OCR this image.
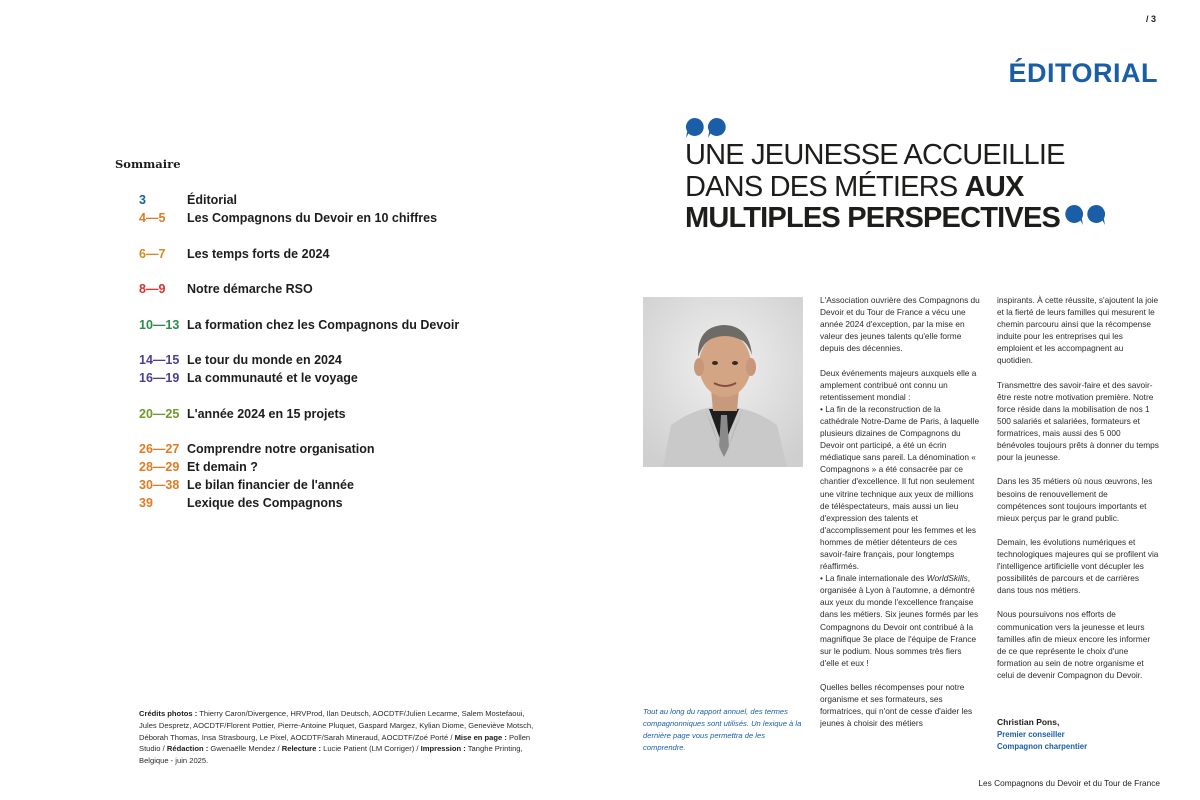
/ 3
ÉDITORIAL
Sommaire
3	Éditorial
4—5	Les Compagnons du Devoir en 10 chiffres
6—7	Les temps forts de 2024
8—9	Notre démarche RSO
10—13 La formation chez les Compagnons du Devoir
14—15 Le tour du monde en 2024
16—19 La communauté et le voyage
20—25 L'année 2024 en 15 projets
26—27 Comprendre notre organisation
28—29 Et demain ?
30—38 Le bilan financier de l'année
39	Lexique des Compagnons
Crédits photos : Thierry Caron/Divergence, HRVProd, Ilan Deutsch, AOCDTF/Julien Lecarme, Salem Mostefaoui, Jules Despretz, AOCDTF/Florent Pottier, Pierre-Antoine Pluquet, Gaspard Margez, Kylian Diome, Geneviève Motsch, Déborah Thomas, Insa Strasbourg, Le Pixel, AOCDTF/Sarah Mineraud, AOCDTF/Zoé Porté / Mise en page : Pollen Studio / Rédaction : Gwenaëlle Mendez / Relecture : Lucie Patient (LM Corriger) / Impression : Tanghe Printing, Belgique - juin 2025.
UNE JEUNESSE ACCUEILLIE
DANS DES MÉTIERS AUX
MULTIPLES PERSPECTIVES
Tout au long du rapport annuel, des termes compagnonniques sont utilisés. Un lexique à la dernière page vous permettra de les comprendre.

L'Association ouvrière des Compagnons du Devoir et du Tour de France a vécu une année 2024 d'exception, par la mise en valeur des jeunes talents qu'elle forme depuis des décennies.

Deux événements majeurs auxquels elle a amplement contribué ont connu un retentissement mondial :
• La fin de la reconstruction de la cathédrale Notre-Dame de Paris, à laquelle plusieurs dizaines de Compagnons du Devoir ont participé, a été un écrin médiatique sans pareil. La dénomination « Compagnons » a été consacrée par ce chantier d'excellence. Il fut non seulement une vitrine technique aux yeux de millions de téléspectateurs, mais aussi un lieu d'expression des talents et d'accomplissement pour les femmes et les hommes de métier détenteurs de ces savoir-faire français, pour longtemps réaffirmés.
• La finale internationale des WorldSkills, organisée à Lyon à l'automne, a démontré aux yeux du monde l'excellence française dans les métiers. Six jeunes formés par les Compagnons du Devoir ont contribué à la magnifique 3e place de l'équipe de France sur le podium. Nous sommes très fiers d'elle et eux !

Quelles belles récompenses pour notre organisme et ses formateurs, ses formatrices, qui n'ont de cesse d'aider les jeunes à choisir des métiers

inspirants. À cette réussite, s'ajoutent la joie et la fierté de leurs familles qui mesurent le chemin parcouru ainsi que la récompense induite pour les entreprises qui les emploient et les accompagnent au quotidien.

Transmettre des savoir-faire et des savoir-être reste notre motivation première. Notre force réside dans la mobilisation de nos 1 500 salariés et salariées, formateurs et formatrices, mais aussi des 5 000 bénévoles toujours prêts à donner du temps pour la jeunesse.

Dans les 35 métiers où nous œuvrons, les besoins de renouvellement de compétences sont toujours importants et mieux perçus par le grand public.

Demain, les évolutions numériques et technologiques majeures qui se profilent via l'intelligence artificielle vont décupler les possibilités de parcours et de carrières dans tous nos métiers.

Nous poursuivons nos efforts de communication vers la jeunesse et leurs familles afin de mieux encore les informer de ce que représente le choix d'une formation au sein de notre organisme et celui de devenir Compagnon du Devoir.

Christian Pons,
Premier conseiller
Compagnon charpentier
Les Compagnons du Devoir et du Tour de France
